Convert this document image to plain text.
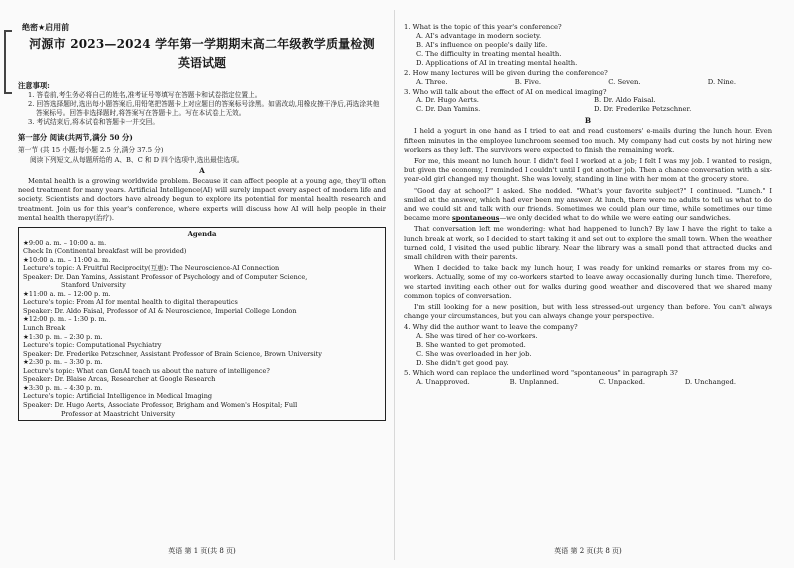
绝密★启用前
河源市 2023—2024 学年第一学期期末高二年级教学质量检测
英语试题
注意事项:
1. 答卷前,考生务必将自己的姓名,准考证号等填写在答题卡和试卷指定位置上。
2. 回答选择题时,选出每小题答案后,用铅笔把答题卡上对应题目的答案标号涂黑。如需改动,用橡皮擦干净后,再选涂其他答案标号。回答非选择题时,将答案写在答题卡上。写在本试卷上无效。
3. 考试结束后,将本试卷和答题卡一并交回。
第一部分 阅读(共两节,满分 50 分)
第一节 (共 15 小题;每小题 2.5 分,满分 37.5 分)
阅读下列短文,从每题所给的 A、B、C 和 D 四个选项中,选出最佳选项。
A

Mental health is a growing worldwide problem. Because it can affect people at a young age, they'll often need treatment for many years. Artificial Intelligence(AI) will surely impact every aspect of modern life and society. Scientists and doctors have already begun to explore its potential for mental health research and treatment. Join us for this year's conference, where experts will discuss how AI will help people in their mental health therapy(治疗).

Agenda
★9:00 a. m. – 10:00 a. m.
Check In (Continental breakfast will be provided)
★10:00 a. m. – 11:00 a. m.
Lecture's topic: A Fruitful Reciprocity(互惠): The Neuroscience-AI Connection
Speaker: Dr. Dan Yamins, Assistant Professor of Psychology and of Computer Science,
Stanford University
★11:00 a. m. – 12:00 p. m.
Lecture's topic: From AI for mental health to digital therapeutics
Speaker: Dr. Aldo Faisal, Professor of AI & Neuroscience, Imperial College London
★12:00 p. m. – 1:30 p. m.
Lunch Break
★1:30 p. m. – 2:30 p. m.
Lecture's topic: Computational Psychiatry
Speaker: Dr. Frederike Petzschner, Assistant Professor of Brain Science, Brown University
★2:30 p. m. – 3:30 p. m.
Lecture's topic: What can GenAI teach us about the nature of intelligence?
Speaker: Dr. Blaise Arcas, Researcher at Google Research
★3:30 p. m. – 4:30 p. m.
Lecture's topic: Artificial Intelligence in Medical Imaging
Speaker: Dr. Hugo Aerts, Associate Professor, Brigham and Women's Hospital; Full
Professor at Maastricht University
英语 第 1 页(共 8 页)
1. What is the topic of this year's conference?
A. AI's advantage in modern society.
B. AI's influence on people's daily life.
C. The difficulty in treating mental health.
D. Applications of AI in treating mental health.
2. How many lectures will be given during the conference?
A. Three.	B. Five.	C. Seven.	D. Nine.
3. Who will talk about the effect of AI on medical imaging?
A. Dr. Hugo Aerts.	B. Dr. Aldo Faisal.
C. Dr. Dan Yamins.	D. Dr. Frederike Petzschner.
B

I held a yogurt in one hand as I tried to eat and read customers' e-mails during the lunch hour. Even fifteen minutes in the employee lunchroom seemed too much. My company had cut costs by not hiring new workers as they left. The survivors were expected to finish the remaining work.

For me, this meant no lunch hour. I didn't feel I worked at a job; I felt I was my job. I wanted to resign, but given the economy, I reminded I couldn't until I got another job. Then a chance conversation with a six-year-old girl changed my thought. She was lovely, standing in line with her mom at the grocery store.

"Good day at school?" I asked. She nodded. "What's your favorite subject?" I continued. "Lunch." I smiled at the answer, which had ever been my answer. At lunch, there were no adults to tell us what to do and we could sit and talk with our friends. Sometimes we could plan our time, while sometimes our time became more spontaneous—we only decided what to do while we were eating our sandwiches.

That conversation left me wondering: what had happened to lunch? By law I have the right to take a lunch break at work, so I decided to start taking it and set out to explore the small town. When the weather turned cold, I visited the used public library. Near the library was a small pond that attracted ducks and small children with their parents.

When I decided to take back my lunch hour, I was ready for unkind remarks or stares from my co-workers. Actually, some of my co-workers started to leave away occasionally during lunch time. Therefore, we started inviting each other out for walks during good weather and discovered that we shared many common topics of conversation.

I'm still looking for a new position, but with less stressed-out urgency than before. You can't always change your circumstances, but you can always change your perspective.

4. Why did the author want to leave the company?
A. She was tired of her co-workers.
B. She wanted to get promoted.
C. She was overloaded in her job.
D. She didn't get good pay.
5. Which word can replace the underlined word "spontaneous" in paragraph 3?
A. Unapproved.	B. Unplanned.	C. Unpacked.	D. Unchanged.
英语 第 2 页(共 8 页)
